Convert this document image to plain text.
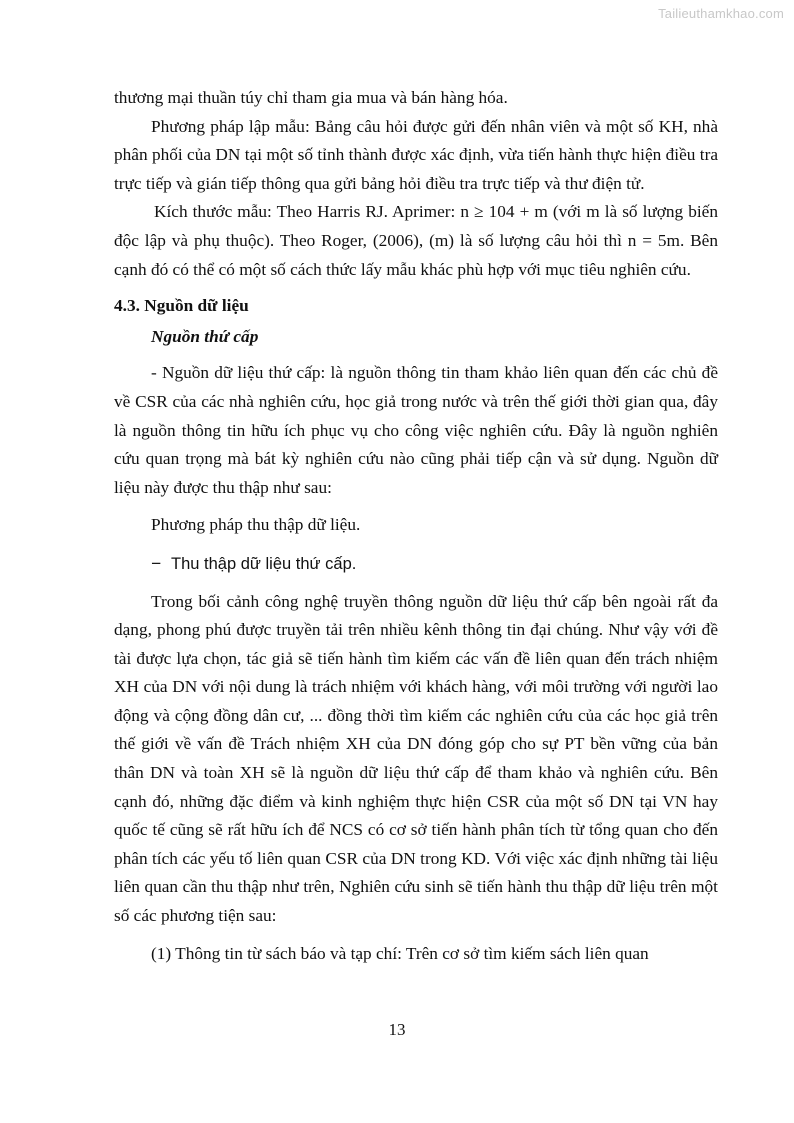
Tailieuthamkhao.com

thương mại thuần túy chỉ tham gia mua và bán hàng hóa.

Phương pháp lập mẫu: Bảng câu hỏi được gửi đến nhân viên và một số KH, nhà phân phối của DN tại một số tỉnh thành được xác định, vừa tiến hành thực hiện điều tra trực tiếp và gián tiếp thông qua gửi bảng hỏi điều tra trực tiếp và thư điện tử.

Kích thước mẫu: Theo Harris RJ. Aprimer: n ≥ 104 + m (với m là số lượng biến độc lập và phụ thuộc). Theo Roger, (2006), (m) là số lượng câu hỏi thì n = 5m. Bên cạnh đó có thể có một số cách thức lấy mẫu khác phù hợp với mục tiêu nghiên cứu.

4.3. Nguồn dữ liệu

Nguồn thứ cấp

- Nguồn dữ liệu thứ cấp: là nguồn thông tin tham khảo liên quan đến các chủ đề về CSR của các nhà nghiên cứu, học giả trong nước và trên thế giới thời gian qua, đây là nguồn thông tin hữu ích phục vụ cho công việc nghiên cứu. Đây là nguồn nghiên cứu quan trọng mà bát kỳ nghiên cứu nào cũng phải tiếp cận và sử dụng. Nguồn dữ liệu này được thu thập như sau:

Phương pháp thu thập dữ liệu.

− Thu thập dữ liệu thứ cấp.

Trong bối cảnh công nghệ truyền thông nguồn dữ liệu thứ cấp bên ngoài rất đa dạng, phong phú được truyền tải trên nhiều kênh thông tin đại chúng. Như vậy với đề tài được lựa chọn, tác giả sẽ tiến hành tìm kiếm các vấn đề liên quan đến trách nhiệm XH của DN với nội dung là trách nhiệm với khách hàng, với môi trường với người lao động và cộng đồng dân cư, ... đồng thời tìm kiếm các nghiên cứu của các học giả trên thế giới về vấn đề Trách nhiệm XH của DN đóng góp cho sự PT bền vững của bản thân DN và toàn XH sẽ là nguồn dữ liệu thứ cấp để tham khảo và nghiên cứu. Bên cạnh đó, những đặc điểm và kinh nghiệm thực hiện CSR của một số DN tại VN hay quốc tế cũng sẽ rất hữu ích để NCS có cơ sở tiến hành phân tích từ tổng quan cho đến phân tích các yếu tố liên quan CSR của DN trong KD. Với việc xác định những tài liệu liên quan cần thu thập như trên, Nghiên cứu sinh sẽ tiến hành thu thập dữ liệu trên một số các phương tiện sau:

(1) Thông tin từ sách báo và tạp chí: Trên cơ sở tìm kiếm sách liên quan

13
